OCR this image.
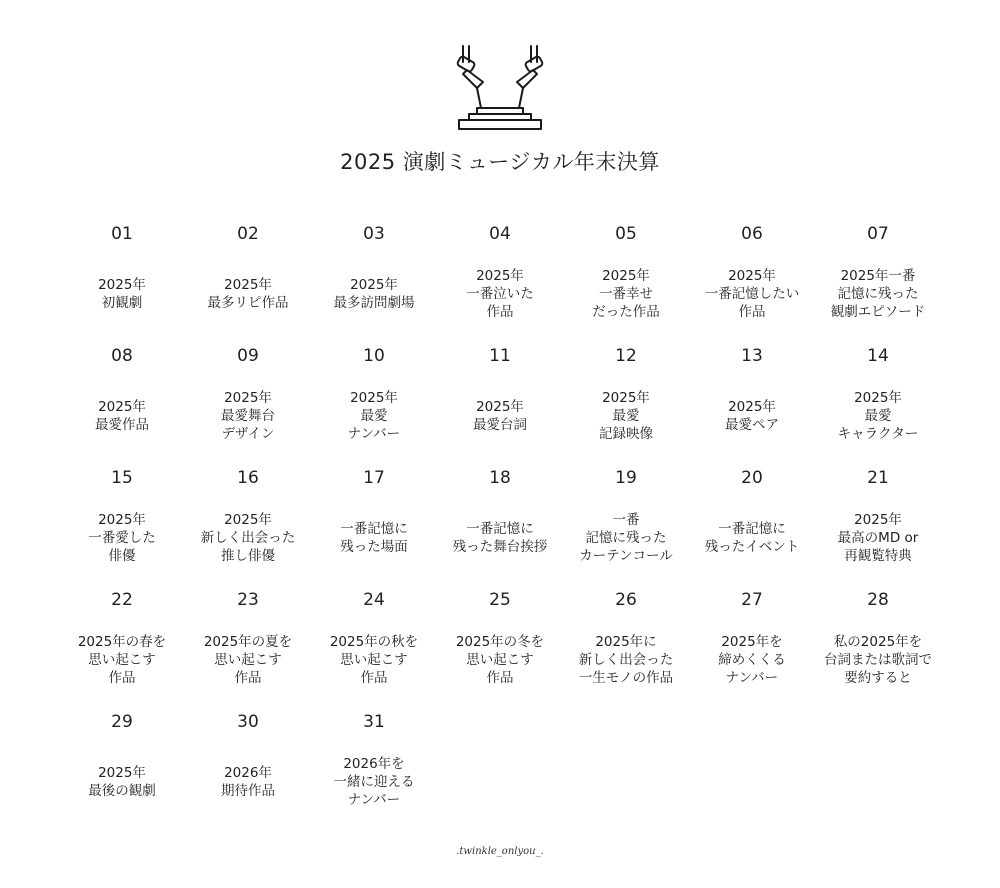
2025 演劇ミュージカル年末決算
01
2025年
初観劇
02
2025年
最多リピ作品
03
2025年
最多訪問劇場
04
2025年
一番泣いた
作品
05
2025年
一番幸せ
だった作品
06
2025年
一番記憶したい
作品
07
2025年一番
記憶に残った
観劇エピソード
08
2025年
最愛作品
09
2025年
最愛舞台
デザイン
10
2025年
最愛
ナンバー
11
2025年
最愛台詞
12
2025年
最愛
記録映像
13
2025年
最愛ペア
14
2025年
最愛
キャラクター
15
2025年
一番愛した
俳優
16
2025年
新しく出会った
推し俳優
17
一番記憶に
残った場面
18
一番記憶に
残った舞台挨拶
19
一番
記憶に残った
カーテンコール
20
一番記憶に
残ったイベント
21
2025年
最高のMD or
再観覧特典
22
2025年の春を
思い起こす
作品
23
2025年の夏を
思い起こす
作品
24
2025年の秋を
思い起こす
作品
25
2025年の冬を
思い起こす
作品
26
2025年に
新しく出会った
一生モノの作品
27
2025年を
締めくくる
ナンバー
28
私の2025年を
台詞または歌詞で
要約すると
29
2025年
最後の観劇
30
2026年
期待作品
31
2026年を
一緒に迎える
ナンバー
.twinkle_onlyou_.
